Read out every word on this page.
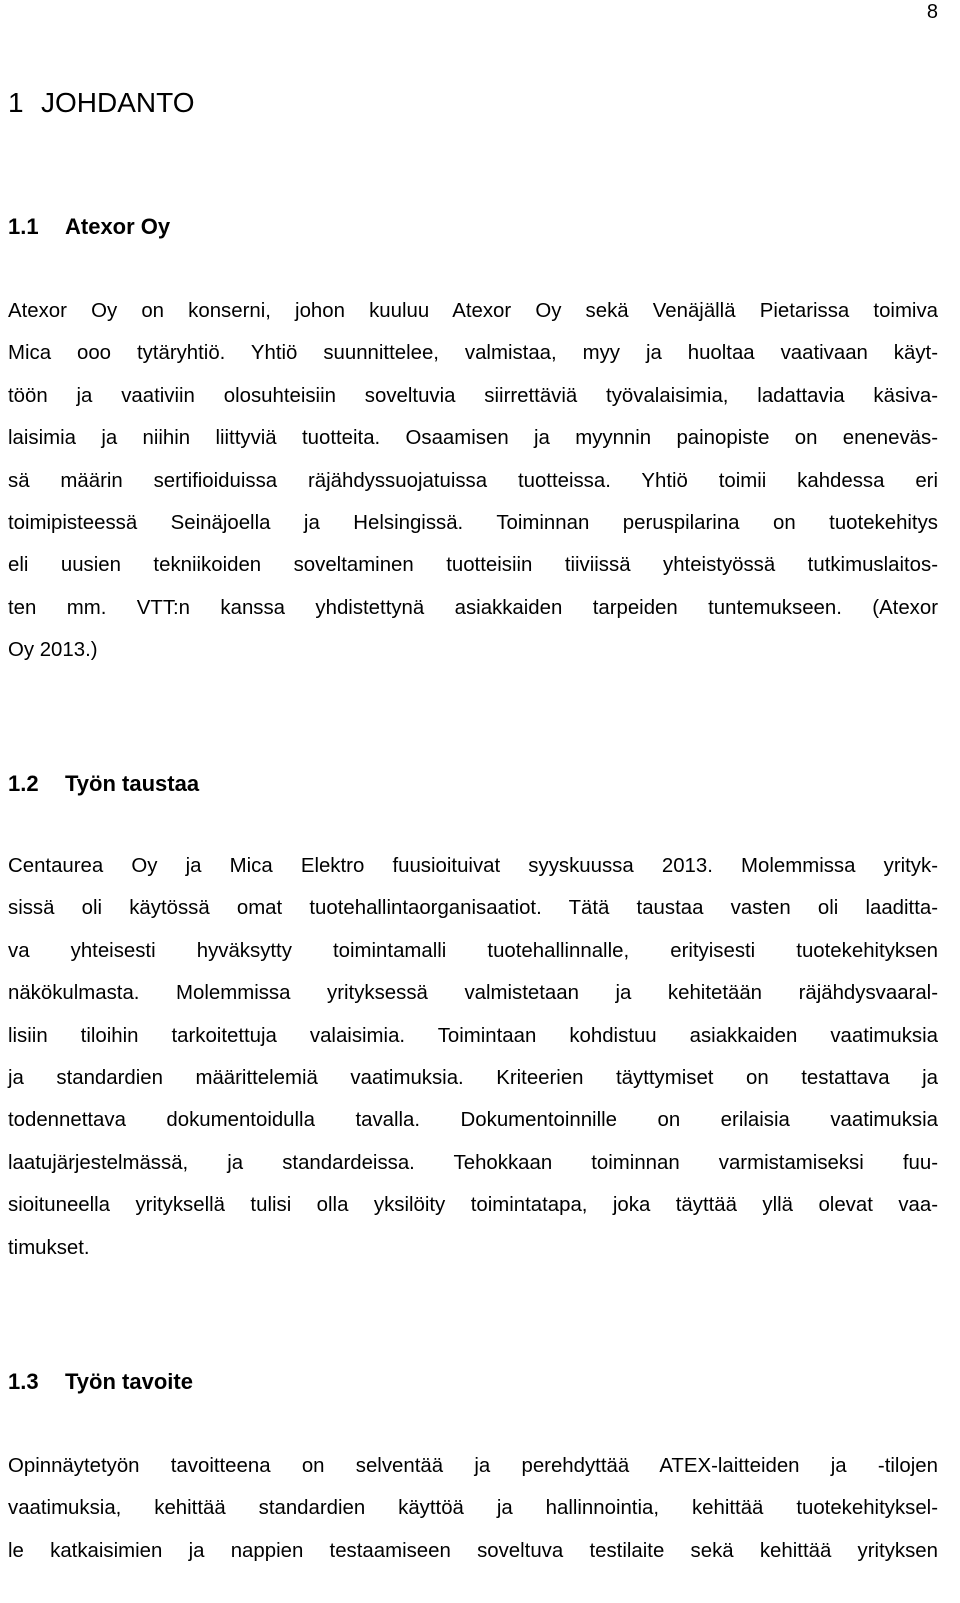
8
1 JOHDANTO
1.1 Atexor Oy
Atexor Oy on konserni, johon kuuluu Atexor Oy sekä Venäjällä Pietarissa toimiva
Mica ooo tytäryhtiö. Yhtiö suunnittelee, valmistaa, myy ja huoltaa vaativaan käyt-
töön ja vaativiin olosuhteisiin soveltuvia siirrettäviä työvalaisimia, ladattavia käsiva-
laisimia ja niihin liittyviä tuotteita. Osaamisen ja myynnin painopiste on eneneväs-
sä määrin sertifioiduissa räjähdyssuojatuissa tuotteissa. Yhtiö toimii kahdessa eri
toimipisteessä Seinäjoella ja Helsingissä. Toiminnan peruspilarina on tuotekehitys
eli uusien tekniikoiden soveltaminen tuotteisiin tiiviissä yhteistyössä tutkimuslaitos-
ten mm. VTT:n kanssa yhdistettynä asiakkaiden tarpeiden tuntemukseen. (Atexor
Oy 2013.)
1.2 Työn taustaa
Centaurea Oy ja Mica Elektro fuusioituivat syyskuussa 2013. Molemmissa yrityk-
sissä oli käytössä omat tuotehallintaorganisaatiot. Tätä taustaa vasten oli laaditta-
va yhteisesti hyväksytty toimintamalli tuotehallinnalle, erityisesti tuotekehityksen
näkökulmasta. Molemmissa yrityksessä valmistetaan ja kehitetään räjähdysvaaral-
lisiin tiloihin tarkoitettuja valaisimia. Toimintaan kohdistuu asiakkaiden vaatimuksia
ja standardien määrittelemiä vaatimuksia. Kriteerien täyttymiset on testattava ja
todennettava dokumentoidulla tavalla. Dokumentoinnille on erilaisia vaatimuksia
laatujärjestelmässä, ja standardeissa. Tehokkaan toiminnan varmistamiseksi fuu-
sioituneella yrityksellä tulisi olla yksilöity toimintatapa, joka täyttää yllä olevat vaa-
timukset.
1.3 Työn tavoite
Opinnäytetyön tavoitteena on selventää ja perehdyttää ATEX-laitteiden ja -tilojen
vaatimuksia, kehittää standardien käyttöä ja hallinnointia, kehittää tuotekehityksel-
le katkaisimien ja nappien testaamiseen soveltuva testilaite sekä kehittää yrityksen
